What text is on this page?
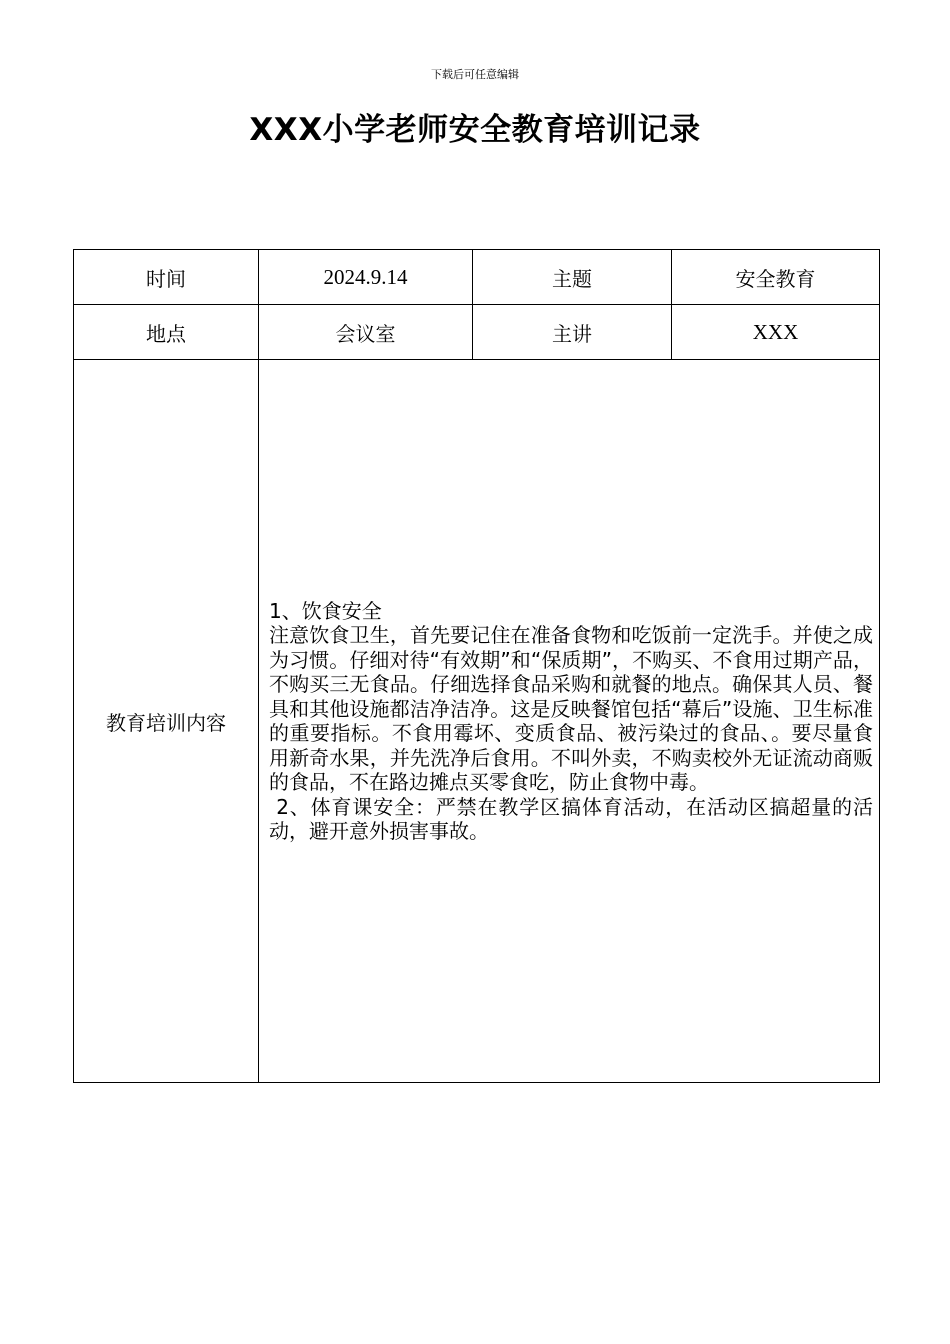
下载后可任意编辑
XXX小学老师安全教育培训记录
时间	2024.9.14	主题	安全教育
地点	会议室	主讲	XXX
教育培训内容	1、饮食安全

注意饮食卫生，首先要记住在准备食物和吃饭前一定洗手。并使之成为习惯。仔细对待“有效期”和“保质期”，不购买、不食用过期产品，不购买三无食品。仔细选择食品采购和就餐的地点。确保其人员、餐具和其他设施都洁净洁净。这是反映餐馆包括“幕后”设施、卫生标准的重要指标。不食用霉坏、变质食品、被污染过的食品、。要尽量食用新奇水果，并先洗净后食用。不叫外卖，不购卖校外无证流动商贩的食品，不在路边摊点买零食吃，防止食物中毒。

2、体育课安全：严禁在教学区搞体育活动，在活动区搞超量的活动，避开意外损害事故。		
